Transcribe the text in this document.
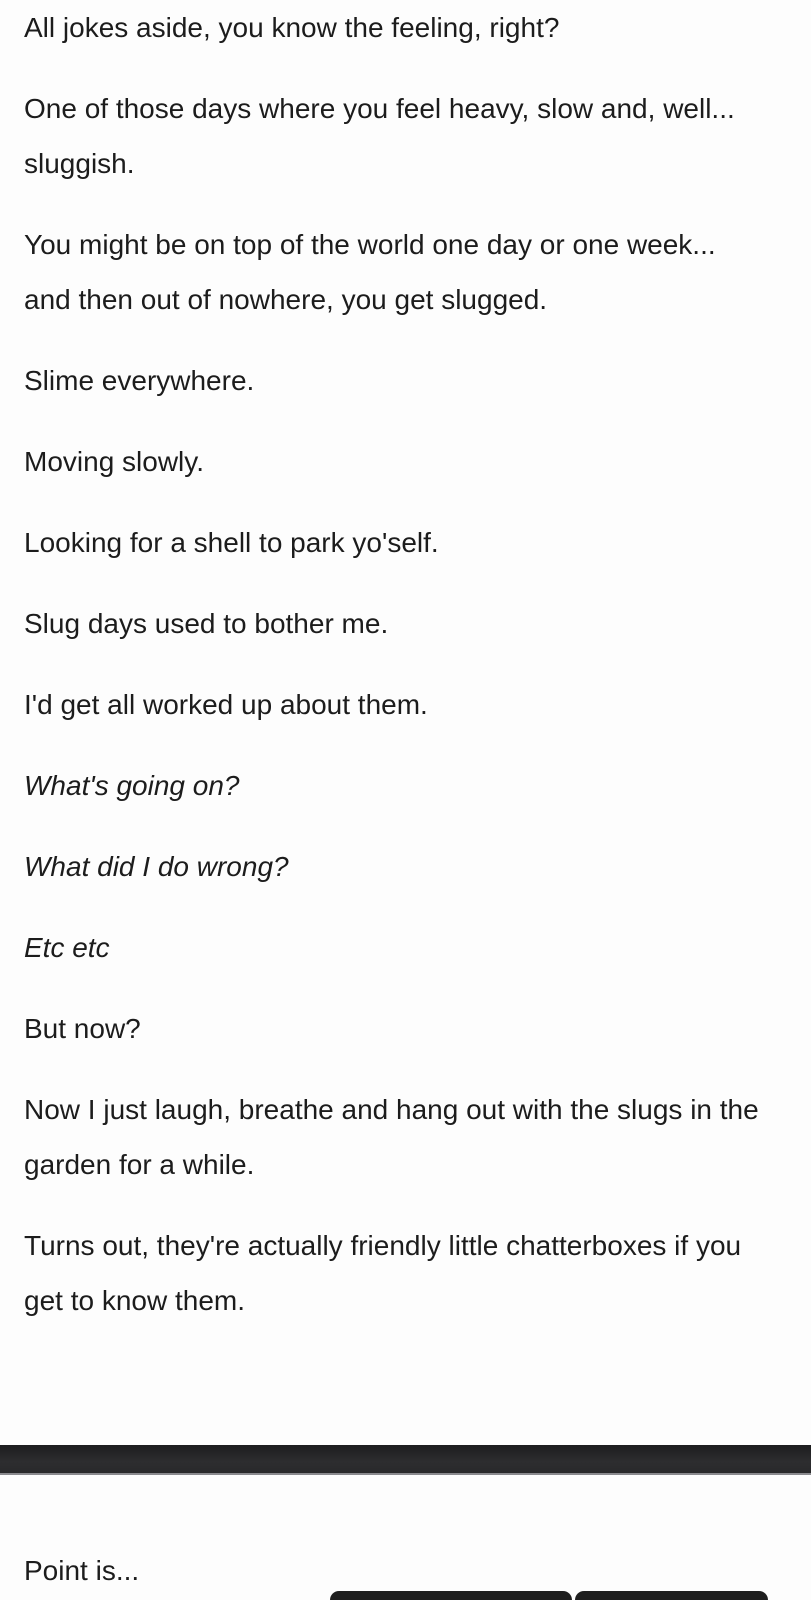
All jokes aside, you know the feeling, right?

One of those days where you feel heavy, slow and, well...
sluggish.

You might be on top of the world one day or one week...
and then out of nowhere, you get slugged.

Slime everywhere.

Moving slowly.

Looking for a shell to park yo'self.

Slug days used to bother me.

I'd get all worked up about them.

What's going on?

What did I do wrong?

Etc etc

But now?

Now I just laugh, breathe and hang out with the slugs in the
garden for a while.

Turns out, they're actually friendly little chatterboxes if you
get to know them.

Point is...
